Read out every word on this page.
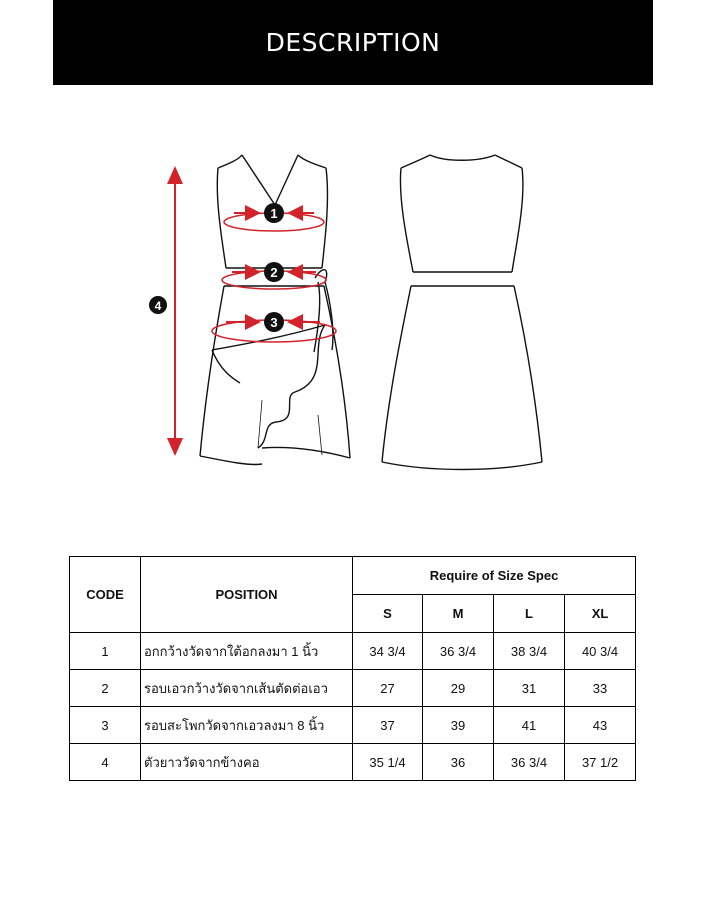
DESCRIPTION
1
2
3
4
CODE	POSITION	Require of Size Spec			
		S	M	L	XL
1	อกกว้างวัดจากใต้อกลงมา 1 นิ้ว	34 3/4	36 3/4	38 3/4	40 3/4
2	รอบเอวกว้างวัดจากเส้นตัดต่อเอว	27	29	31	33
3	รอบสะโพกวัดจากเอวลงมา 8 นิ้ว	37	39	41	43
4	ตัวยาววัดจากข้างคอ	35 1/4	36	36 3/4	37 1/2
